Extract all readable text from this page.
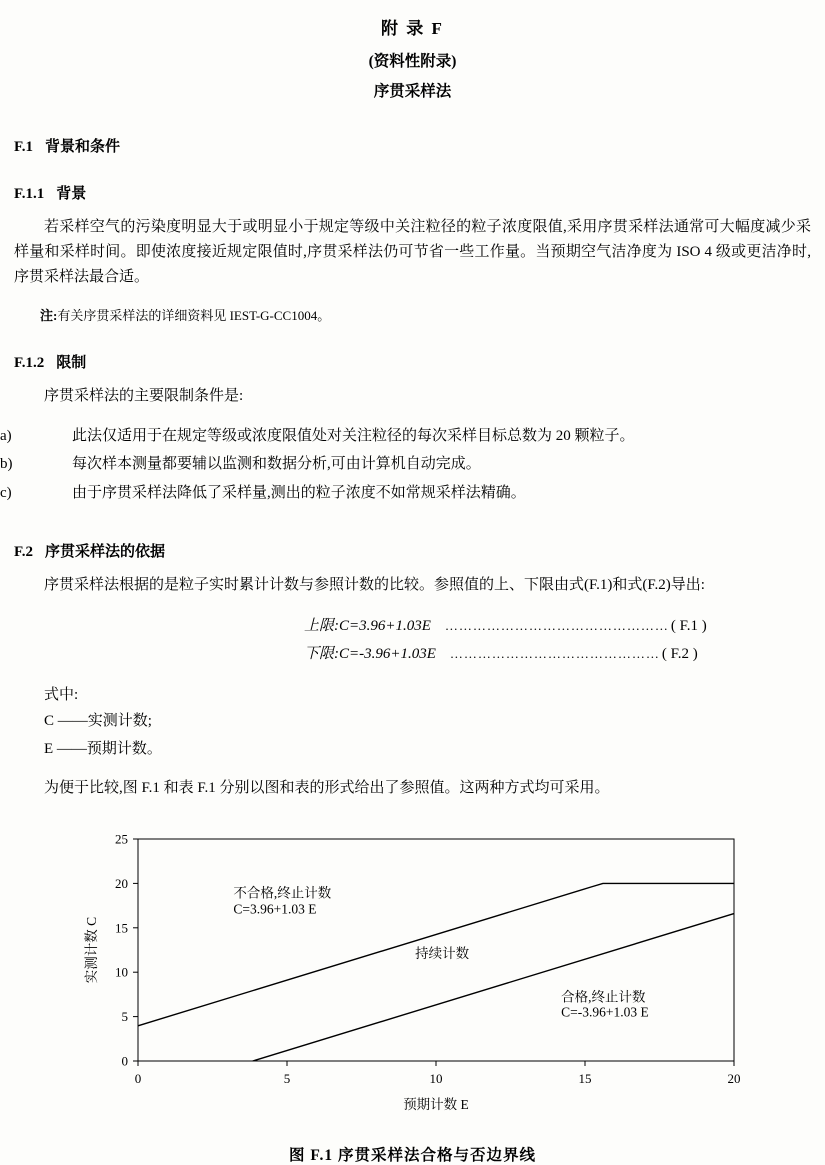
附 录 F
(资料性附录)
序贯采样法
F.1 背景和条件
F.1.1 背景

若采样空气的污染度明显大于或明显小于规定等级中关注粒径的粒子浓度限值,采用序贯采样法通常可大幅度减少采样量和采样时间。即使浓度接近规定限值时,序贯采样法仍可节省一些工作量。当预期空气洁净度为 ISO 4 级或更洁净时,序贯采样法最合适。

注:有关序贯采样法的详细资料见 IEST-G-CC1004。
F.1.2 限制

序贯采样法的主要限制条件是:

a)	此法仅适用于在规定等级或浓度限值处对关注粒径的每次采样目标总数为 20 颗粒子。
b)	每次样本测量都要辅以监测和数据分析,可由计算机自动完成。
c)	由于序贯采样法降低了采样量,测出的粒子浓度不如常规采样法精确。
F.2 序贯采样法的依据

序贯采样法根据的是粒子实时累计计数与参照计数的比较。参照值的上、下限由式(F.1)和式(F.2)导出:

上限:C=3.96+1.03E ………………………………………… ( F.1 )
下限:C=-3.96+1.03E ……………………………………… ( F.2 )
式中:
C ——实测计数;
E ——预期计数。

为便于比较,图 F.1 和表 F.1 分别以图和表的形式给出了参照值。这两种方式均可采用。

0
5
10
15
20
25
0	5	10	15	20
不合格,终止计数
C=3.96+1.03 E
持续计数
合格,终止计数
C=-3.96+1.03 E
预期计数 E
实测计数 C
图 F.1 序贯采样法合格与否边界线
